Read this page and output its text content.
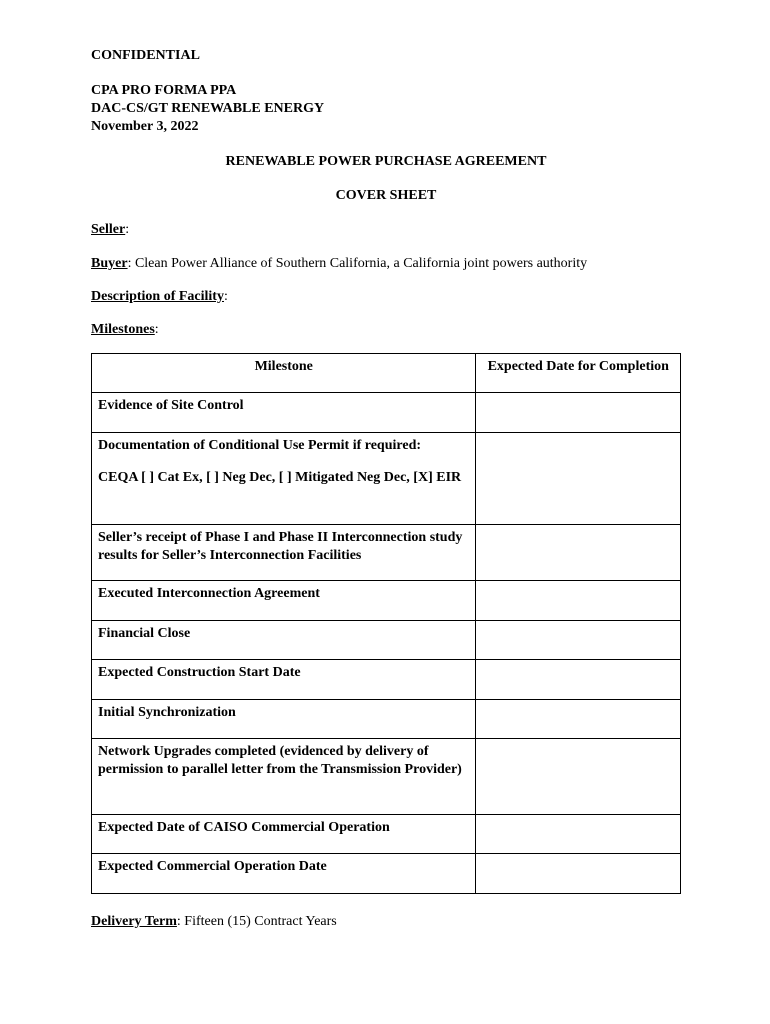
CONFIDENTIAL
CPA PRO FORMA PPA
DAC-CS/GT RENEWABLE ENERGY
November 3, 2022
RENEWABLE POWER PURCHASE AGREEMENT
COVER SHEET
Seller:
Buyer: Clean Power Alliance of Southern California, a California joint powers authority
Description of Facility:
Milestones:
Milestone	Expected Date for Completion

Evidence of Site Control	

Documentation of Conditional Use Permit if required:

CEQA [ ] Cat Ex, [ ] Neg Dec, [ ] Mitigated Neg Dec, [X] EIR	

Seller’s receipt of Phase I and Phase II Interconnection study results for Seller’s Interconnection Facilities	

Executed Interconnection Agreement	

Financial Close	

Expected Construction Start Date	

Initial Synchronization	

Network Upgrades completed (evidenced by delivery of permission to parallel letter from the Transmission Provider)	

Expected Date of CAISO Commercial Operation	

Expected Commercial Operation Date	

Delivery Term: Fifteen (15) Contract Years
